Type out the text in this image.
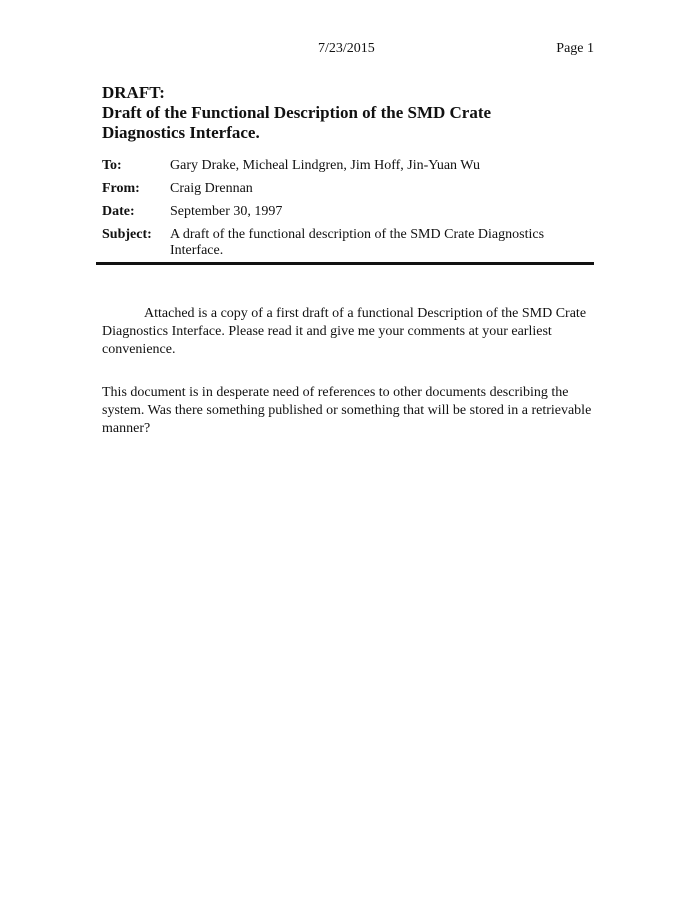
7/23/2015	Page 1
DRAFT:
Draft of the Functional Description of the SMD Crate
Diagnostics Interface.
To:	Gary Drake, Micheal Lindgren, Jim Hoff, Jin-Yuan Wu
From:	Craig Drennan
Date:	September 30, 1997
Subject:	A draft of the functional description of the SMD Crate Diagnostics Interface.

Attached is a copy of a first draft of a functional Description of the SMD Crate Diagnostics Interface. Please read it and give me your comments at your earliest convenience.

This document is in desperate need of references to other documents describing the system. Was there something published or something that will be stored in a retrievable manner?
